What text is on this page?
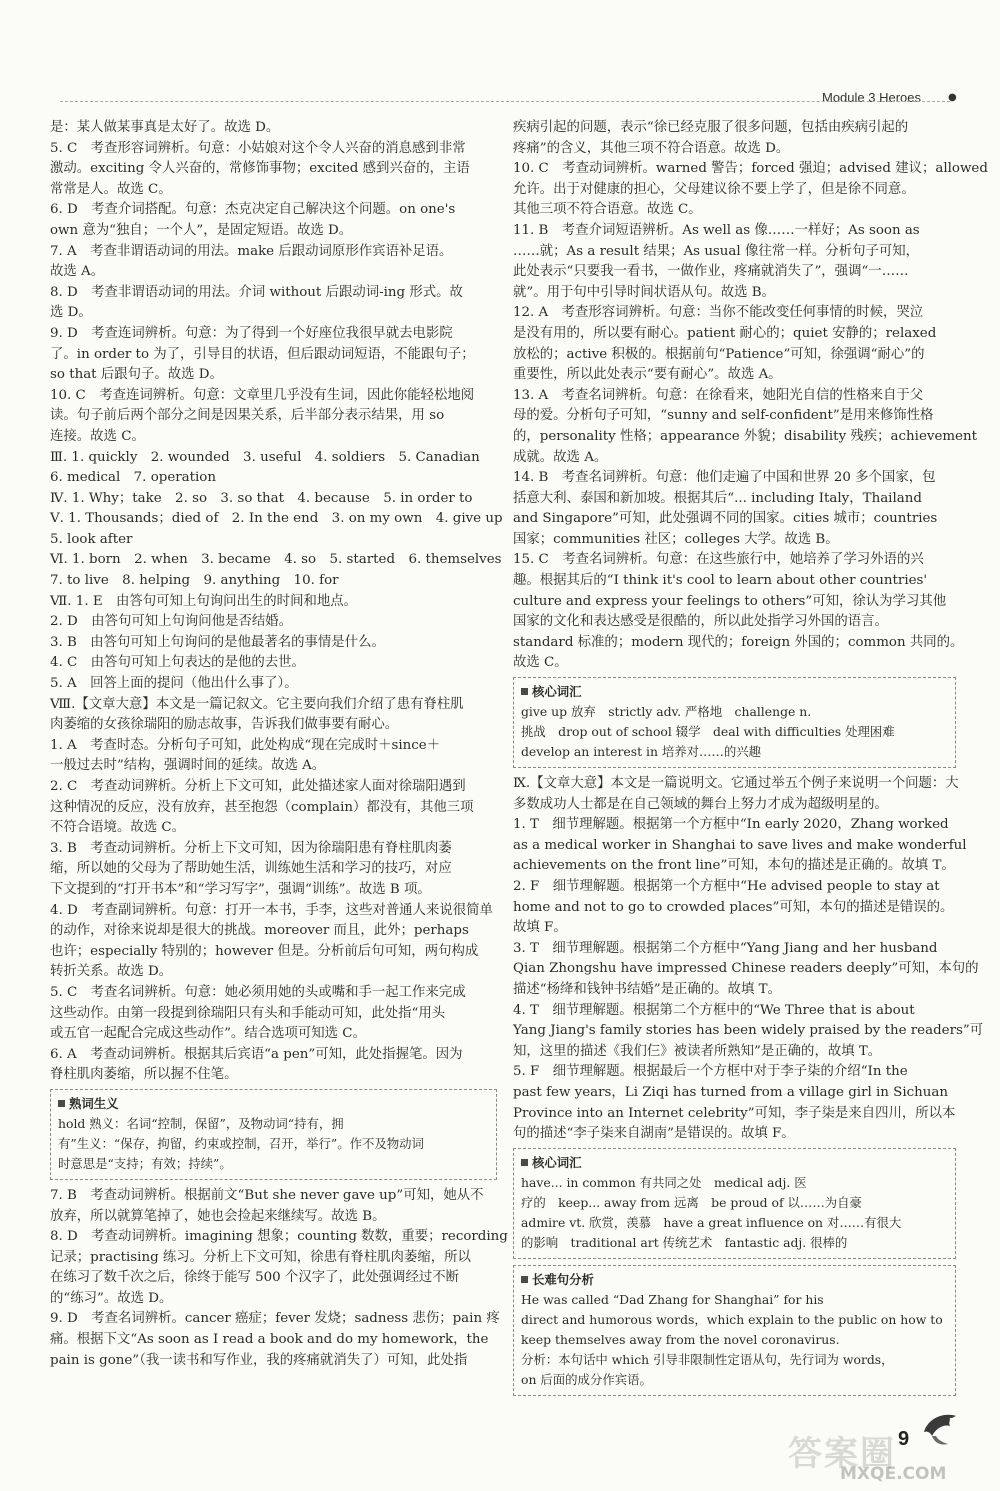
Module 3 Heroes	●

是：某人做某事真是太好了。故选 D。

5. C　考查形容词辨析。句意：小姑娘对这个令人兴奋的消息感到非常

激动。exciting 令人兴奋的，常修饰事物；excited 感到兴奋的，主语

常常是人。故选 C。

6. D　考查介词搭配。句意：杰克决定自己解决这个问题。on one's

own 意为“独自；一个人”，是固定短语。故选 D。

7. A　考查非谓语动词的用法。make 后跟动词原形作宾语补足语。

故选 A。

8. D　考查非谓语动词的用法。介词 without 后跟动词-ing 形式。故

选 D。

9. D　考查连词辨析。句意：为了得到一个好座位我很早就去电影院

了。in order to 为了，引导目的状语，但后跟动词短语，不能跟句子；

so that 后跟句子。故选 D。

10. C　考查连词辨析。句意：文章里几乎没有生词，因此你能轻松地阅

读。句子前后两个部分之间是因果关系，后半部分表示结果，用 so

连接。故选 C。

Ⅲ. 1. quickly　2. wounded　3. useful　4. soldiers　5. Canadian

6. medical　7. operation

Ⅳ. 1. Why；take　2. so　3. so that　4. because　5. in order to

Ⅴ. 1. Thousands；died of　2. In the end　3. on my own　4. give up

5. look after

Ⅵ. 1. born　2. when　3. became　4. so　5. started　6. themselves

7. to live　8. helping　9. anything　10. for

Ⅶ. 1. E　由答句可知上句询问出生的时间和地点。

2. D　由答句可知上句询问他是否结婚。

3. B　由答句可知上句询问的是他最著名的事情是什么。

4. C　由答句可知上句表达的是他的去世。

5. A　回答上面的提问（他出什么事了）。

Ⅷ.【文章大意】本文是一篇记叙文。它主要向我们介绍了患有脊柱肌

肉萎缩的女孩徐瑞阳的励志故事，告诉我们做事要有耐心。

1. A　考查时态。分析句子可知，此处构成“现在完成时＋since＋

一般过去时”结构，强调时间的延续。故选 A。

2. C　考查动词辨析。分析上下文可知，此处描述家人面对徐瑞阳遇到

这种情况的反应，没有放弃，甚至抱怨（complain）都没有，其他三项

不符合语境。故选 C。

3. B　考查动词辨析。分析上下文可知，因为徐瑞阳患有脊柱肌肉萎

缩，所以她的父母为了帮助她生活，训练她生活和学习的技巧，对应

下文提到的“打开书本”和“学习写字”，强调“训练”。故选 B 项。

4. D　考查副词辨析。句意：打开一本书，手李，这些对普通人来说很简单

的动作，对徐来说却是很大的挑战。moreover 而且，此外；perhaps

也许；especially 特别的；however 但是。分析前后句可知，两句构成

转折关系。故选 D。

5. C　考查名词辨析。句意：她必须用她的头或嘴和手一起工作来完成

这些动作。由第一段提到徐瑞阳只有头和手能动可知，此处指“用头

或五官一起配合完成这些动作”。结合选项可知选 C。

6. A　考查动词辨析。根据其后宾语“a pen”可知，此处指握笔。因为

脊柱肌肉萎缩，所以握不住笔。

熟词生义

hold 熟义：名词“控制，保留”，及物动词“持有，拥

有”生义：“保存，拘留，约束或控制，召开，举行”。作不及物动词

时意思是“支持；有效；持续”。

7. B　考查动词辨析。根据前文“But she never gave up”可知，她从不

放弃，所以就算笔掉了，她也会捡起来继续写。故选 B。

8. D　考查动词辨析。imagining 想象；counting 数数，重要；recording

记录；practising 练习。分析上下文可知，徐患有脊柱肌肉萎缩，所以

在练习了数千次之后，徐终于能写 500 个汉字了，此处强调经过不断

的“练习”。故选 D。

9. D　考查名词辨析。cancer 癌症；fever 发烧；sadness 悲伤；pain 疼

痛。根据下文“As soon as I read a book and do my homework，the

pain is gone”（我一读书和写作业，我的疼痛就消失了）可知，此处指

疾病引起的问题，表示“徐已经克服了很多问题，包括由疾病引起的

疼痛”的含义，其他三项不符合语意。故选 D。

10. C　考查动词辨析。warned 警告；forced 强迫；advised 建议；allowed

允许。出于对健康的担心，父母建议徐不要上学了，但是徐不同意。

其他三项不符合语意。故选 C。

11. B　考查介词短语辨析。As well as 像……一样好；As soon as

……就；As a result 结果；As usual 像往常一样。分析句子可知，

此处表示“只要我一看书，一做作业，疼痛就消失了”，强调“一……

就”。用于句中引导时间状语从句。故选 B。

12. A　考查形容词辨析。句意：当你不能改变任何事情的时候，哭泣

是没有用的，所以要有耐心。patient 耐心的；quiet 安静的；relaxed

放松的；active 积极的。根据前句“Patience”可知，徐强调“耐心”的

重要性，所以此处表示“要有耐心”。故选 A。

13. A　考查名词辨析。句意：在徐看来，她阳光自信的性格来自于父

母的爱。分析句子可知，“sunny and self-confident”是用来修饰性格

的，personality 性格；appearance 外貌；disability 残疾；achievement

成就。故选 A。

14. B　考查名词辨析。句意：他们走遍了中国和世界 20 多个国家，包

括意大利、泰国和新加坡。根据其后“... including Italy，Thailand

and Singapore”可知，此处强调不同的国家。cities 城市；countries

国家；communities 社区；colleges 大学。故选 B。

15. C　考查名词辨析。句意：在这些旅行中，她培养了学习外语的兴

趣。根据其后的“I think it's cool to learn about other countries'

culture and express your feelings to others”可知，徐认为学习其他

国家的文化和表达感受是很酷的，所以此处指学习外国的语言。

standard 标准的；modern 现代的；foreign 外国的；common 共同的。

故选 C。

核心词汇

give up 放弃　strictly adv. 严格地　challenge n.

挑战　drop out of school 辍学　deal with difficulties 处理困难

develop an interest in 培养对……的兴趣

Ⅸ.【文章大意】本文是一篇说明文。它通过举五个例子来说明一个问题：大

多数成功人士都是在自己领域的舞台上努力才成为超级明星的。

1. T　细节理解题。根据第一个方框中“In early 2020，Zhang worked

as a medical worker in Shanghai to save lives and make wonderful

achievements on the front line”可知，本句的描述是正确的。故填 T。

2. F　细节理解题。根据第一个方框中“He advised people to stay at

home and not to go to crowded places”可知，本句的描述是错误的。

故填 F。

3. T　细节理解题。根据第二个方框中“Yang Jiang and her husband

Qian Zhongshu have impressed Chinese readers deeply”可知，本句的

描述“杨绛和钱钟书结婚”是正确的。故填 T。

4. T　细节理解题。根据第二个方框中的“We Three that is about

Yang Jiang's family stories has been widely praised by the readers”可

知，这里的描述《我们仨》被读者所熟知”是正确的，故填 T。

5. F　细节理解题。根据最后一个方框中对于李子柒的介绍“In the

past few years，Li Ziqi has turned from a village girl in Sichuan

Province into an Internet celebrity”可知，李子柒是来自四川，所以本

句的描述“李子柒来自湖南”是错误的。故填 F。

核心词汇

have... in common 有共同之处　medical adj. 医

疗的　keep... away from 远离　be proud of 以……为自豪

admire vt. 欣赏，羡慕　have a great influence on 对……有很大

的影响　traditional art 传统艺术　fantastic adj. 很棒的

长难句分析

He was called “Dad Zhang for Shanghai” for his

direct and humorous words，which explain to the public on how to

keep themselves away from the novel coronavirus.

分析：本句话中 which 引导非限制性定语从句，先行词为 words，

on 后面的成分作宾语。

9
答案圈
MXQE.COM
